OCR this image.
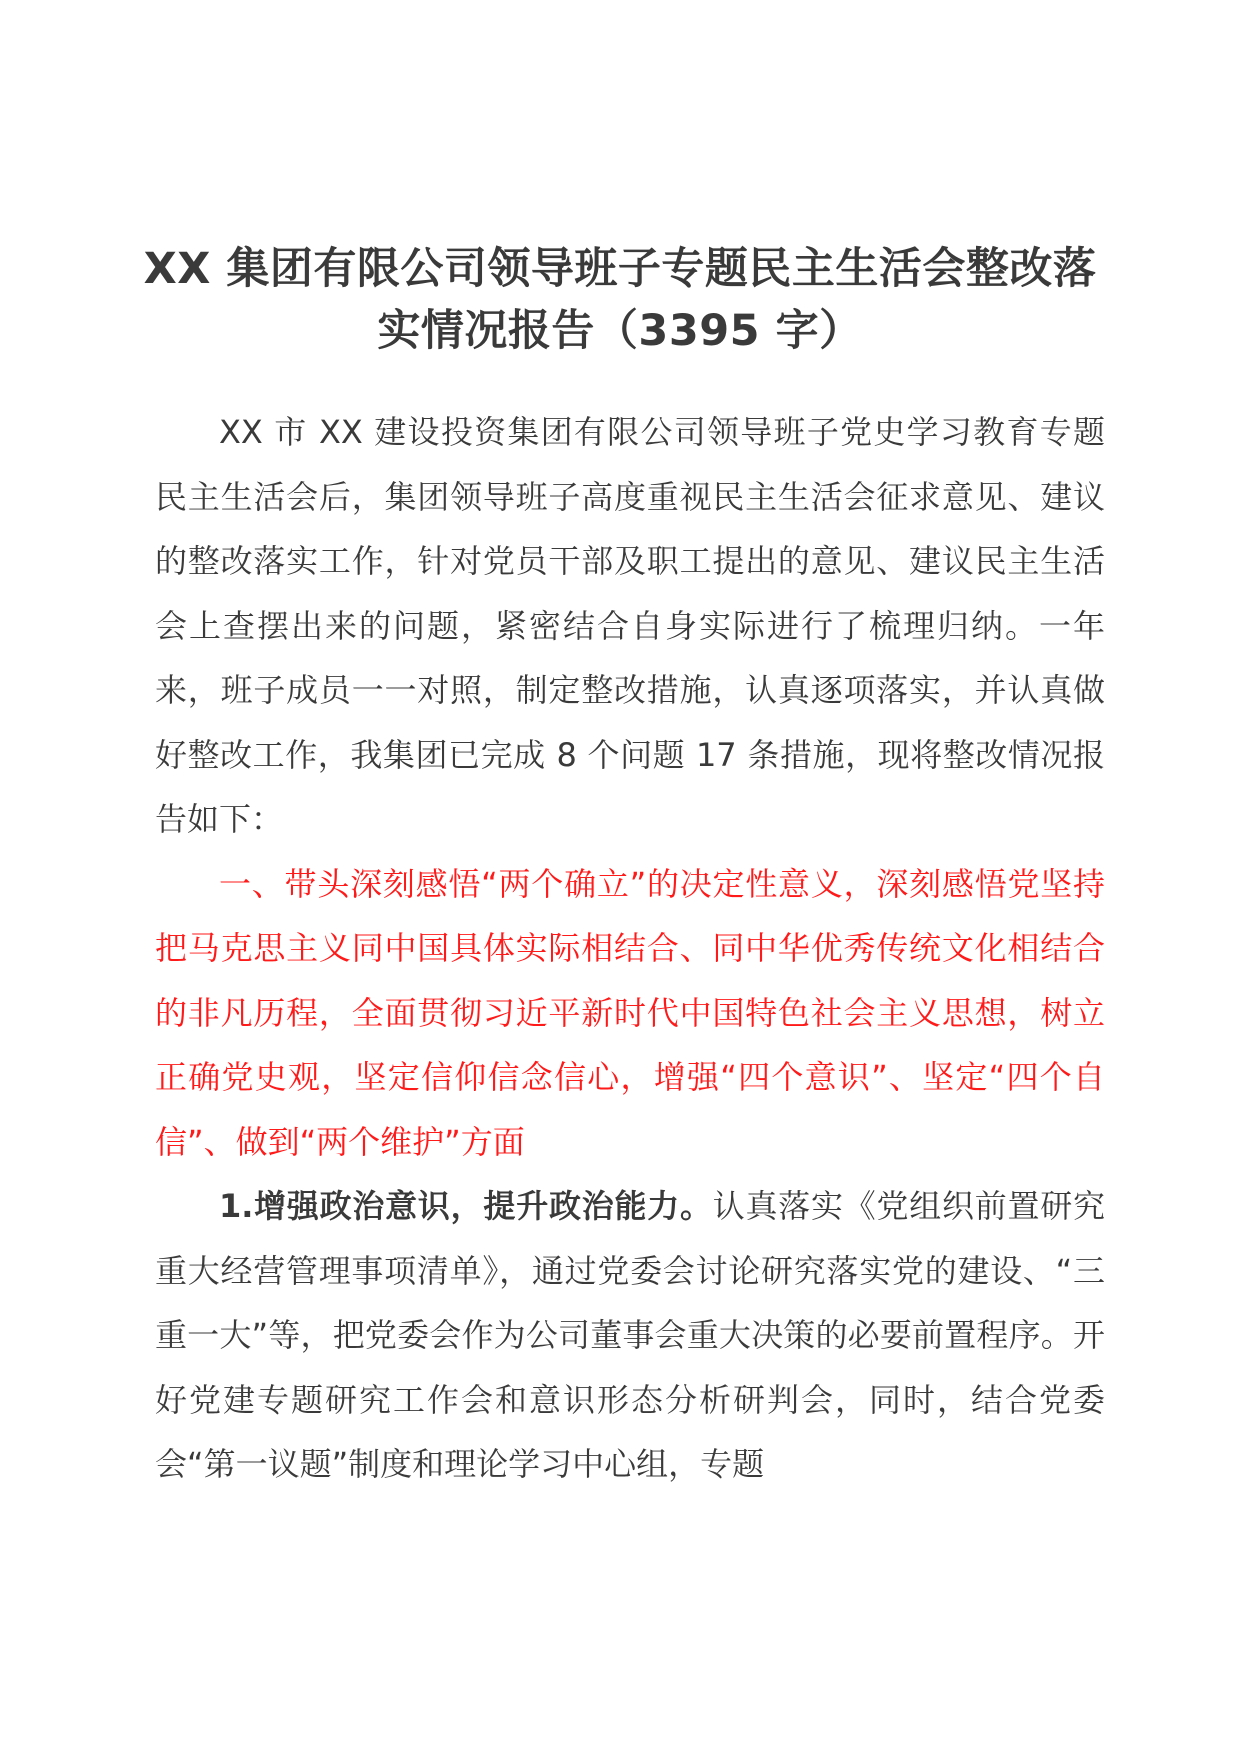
XX 集团有限公司领导班子专题民主生活会整改落实情况报告（3395 字）

XX 市 XX 建设投资集团有限公司领导班子党史学习教育专题民主生活会后，集团领导班子高度重视民主生活会征求意见、建议的整改落实工作，针对党员干部及职工提出的意见、建议民主生活会上查摆出来的问题，紧密结合自身实际进行了梳理归纳。一年来，班子成员一一对照，制定整改措施，认真逐项落实，并认真做好整改工作，我集团已完成 8 个问题 17 条措施，现将整改情况报告如下：

一、带头深刻感悟“两个确立”的决定性意义，深刻感悟党坚持把马克思主义同中国具体实际相结合、同中华优秀传统文化相结合的非凡历程，全面贯彻习近平新时代中国特色社会主义思想，树立正确党史观，坚定信仰信念信心，增强“四个意识”、坚定“四个自信”、做到“两个维护”方面

1.增强政治意识，提升政治能力。认真落实《党组织前置研究重大经营管理事项清单》，通过党委会讨论研究落实党的建设、“三重一大”等，把党委会作为公司董事会重大决策的必要前置程序。开好党建专题研究工作会和意识形态分析研判会，同时，结合党委会“第一议题”制度和理论学习中心组，专题
